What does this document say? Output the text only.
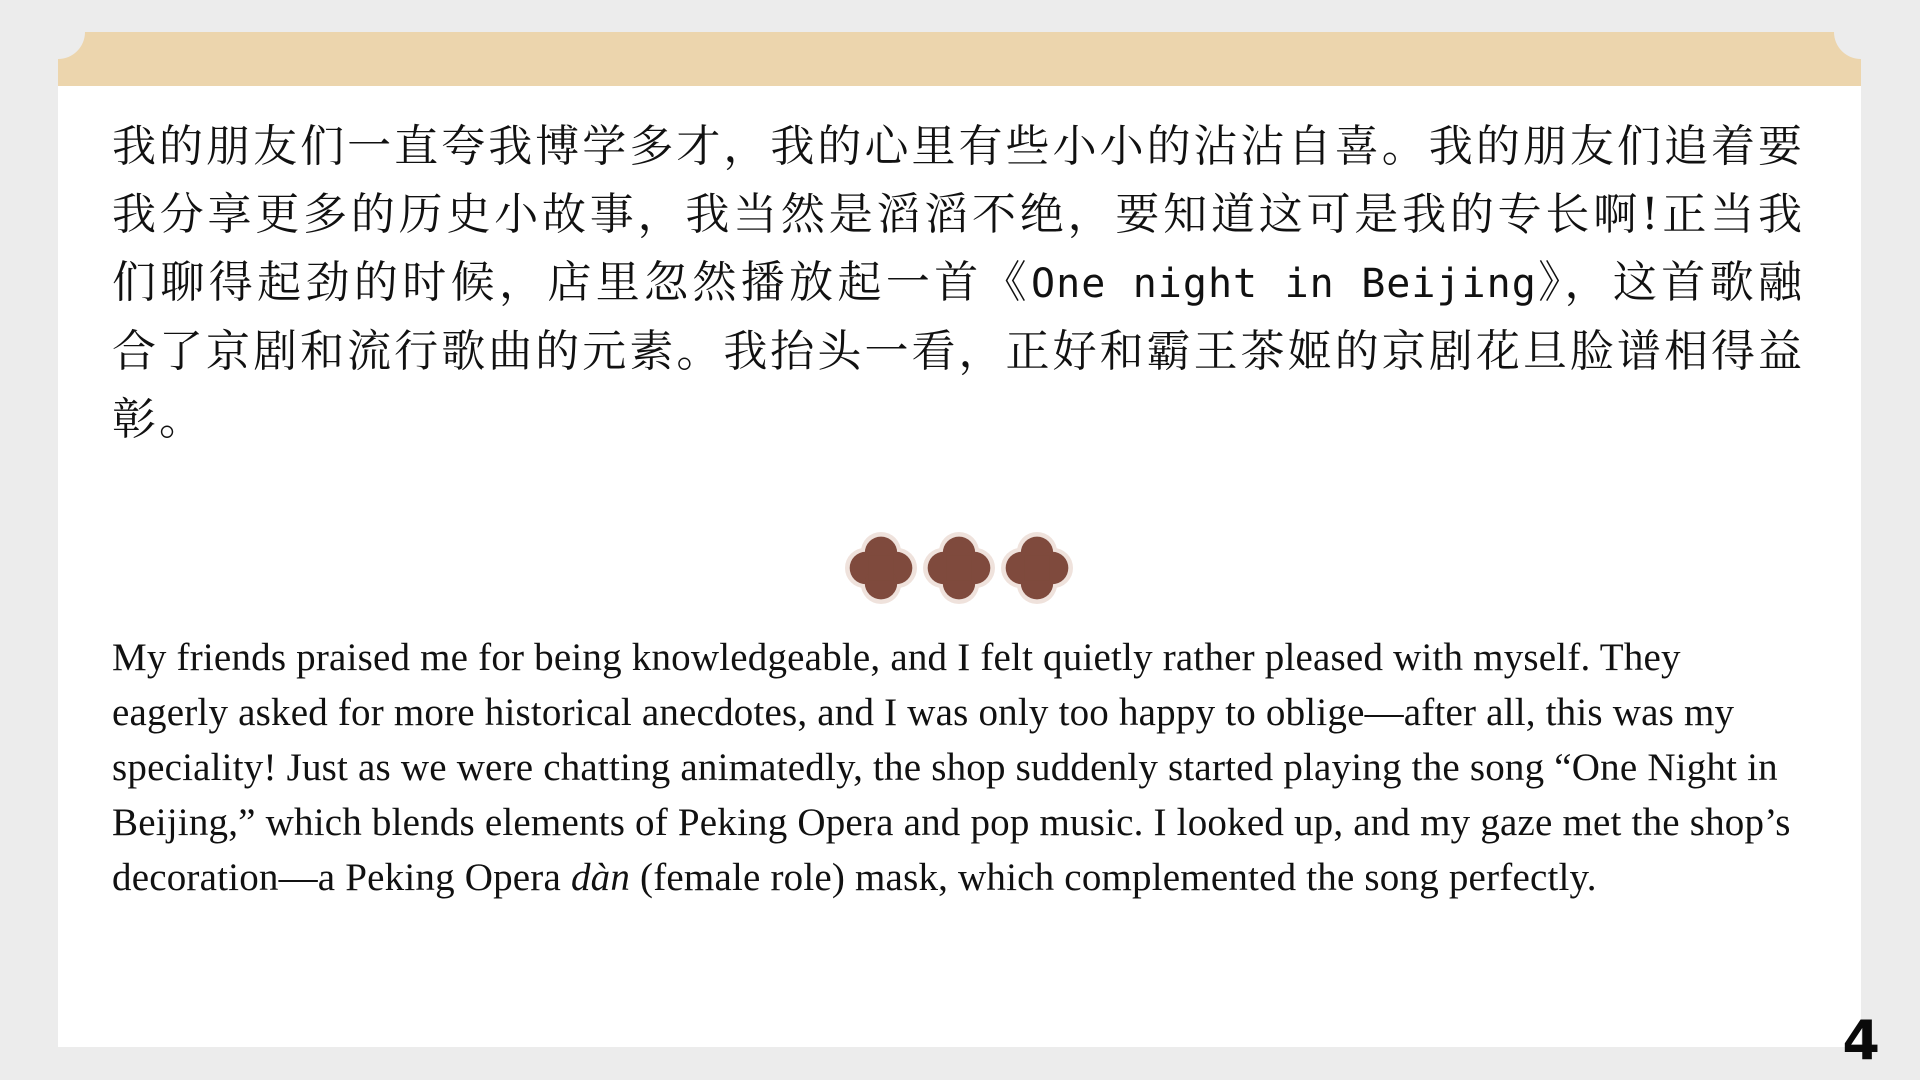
我的朋友们一直夸我博学多才，我的心里有些小小的沾沾自喜。我的朋友们追着要我分享更多的历史小故事，我当然是滔滔不绝，要知道这可是我的专长啊!正当我们聊得起劲的时候，店里忽然播放起一首《One night in Beijing》，这首歌融合了京剧和流行歌曲的元素。我抬头一看，正好和霸王茶姬的京剧花旦脸谱相得益彰。

My friends praised me for being knowledgeable, and I felt quietly rather pleased with myself. They eagerly asked for more historical anecdotes, and I was only too happy to oblige—after all, this was my speciality! Just as we were chatting animatedly, the shop suddenly started playing the song “One Night in Beijing,” which blends elements of Peking Opera and pop music. I looked up, and my gaze met the shop’s decoration—a Peking Opera dàn (female role) mask, which complemented the song perfectly.

4
